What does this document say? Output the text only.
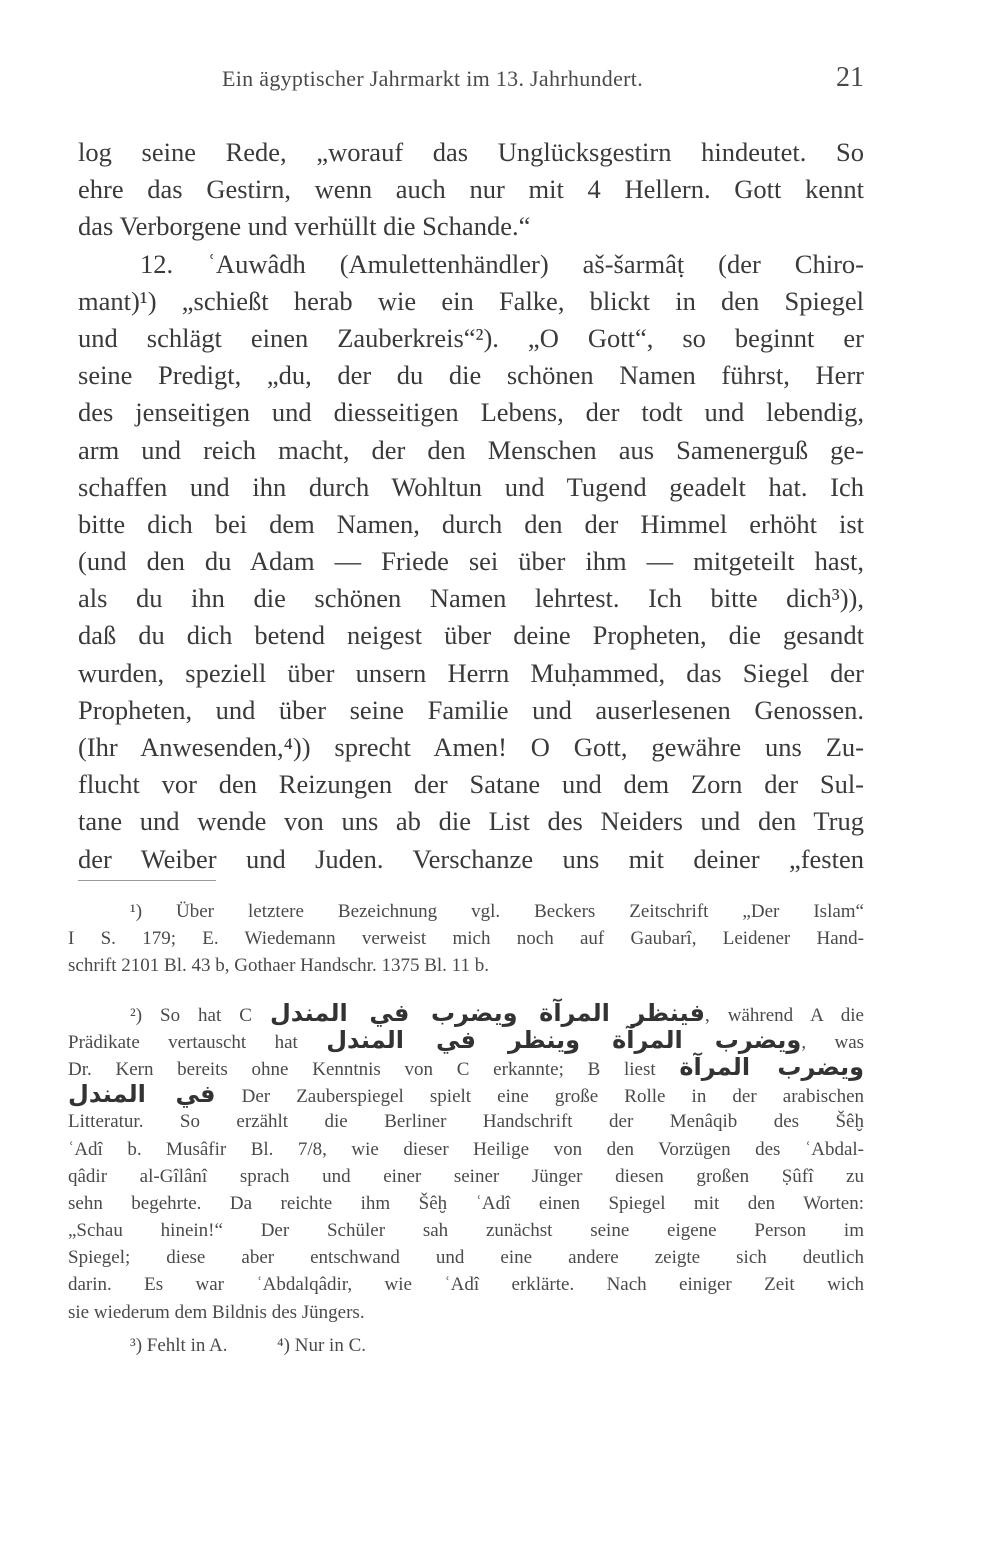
Ein ägyptischer Jahrmarkt im 13. Jahrhundert.	21
log seine Rede, „worauf das Unglücksgestirn hindeutet. So
ehre das Gestirn, wenn auch nur mit 4 Hellern. Gott kennt
das Verborgene und verhüllt die Schande.“
12. ʿAuwâdh (Amulettenhändler) aš-šarmâṭ (der Chiro-
mant)¹) „schießt herab wie ein Falke, blickt in den Spiegel
und schlägt einen Zauberkreis“²). „O Gott“, so beginnt er
seine Predigt, „du, der du die schönen Namen führst, Herr
des jenseitigen und diesseitigen Lebens, der todt und lebendig,
arm und reich macht, der den Menschen aus Samenerguß ge-
schaffen und ihn durch Wohltun und Tugend geadelt hat. Ich
bitte dich bei dem Namen, durch den der Himmel erhöht ist
(und den du Adam — Friede sei über ihm — mitgeteilt hast,
als du ihn die schönen Namen lehrtest. Ich bitte dich³)),
daß du dich betend neigest über deine Propheten, die gesandt
wurden, speziell über unsern Herrn Muḥammed, das Siegel der
Propheten, und über seine Familie und auserlesenen Genossen.
(Ihr Anwesenden,⁴)) sprecht Amen! O Gott, gewähre uns Zu-
flucht vor den Reizungen der Satane und dem Zorn der Sul-
tane und wende von uns ab die List des Neiders und den Trug
der Weiber und Juden. Verschanze uns mit deiner „festen
¹) Über letztere Bezeichnung vgl. Beckers Zeitschrift „Der Islam“
I S. 179; E. Wiedemann verweist mich noch auf Gaubarî, Leidener Hand-
schrift 2101 Bl. 43 b, Gothaer Handschr. 1375 Bl. 11 b.
²) So hat C	فينظر المرآة ويضرب في المندل	, während A die
Prädikate vertauscht hat	ويضرب المرآة وينظر في المندل	, was
Dr. Kern bereits ohne Kenntnis von C erkannte; B liest	ويضرب المرآة
في المندل	Der Zauberspiegel spielt eine große Rolle in der arabischen
Litteratur. So erzählt die Berliner Handschrift der Menâqib des Šêḫ
ʿAdî b. Musâfir Bl. 7/8, wie dieser Heilige von den Vorzügen des ʿAbdal-
qâdir al-Gîlânî sprach und einer seiner Jünger diesen großen Ṣûfî zu
sehn begehrte. Da reichte ihm Šêḫ ʿAdî einen Spiegel mit den Worten:
„Schau hinein!“ Der Schüler sah zunächst seine eigene Person im
Spiegel; diese aber entschwand und eine andere zeigte sich deutlich
darin. Es war ʿAbdalqâdir, wie ʿAdî erklärte. Nach einiger Zeit wich
sie wiederum dem Bildnis des Jüngers.
³) Fehlt in A.	⁴) Nur in C.
